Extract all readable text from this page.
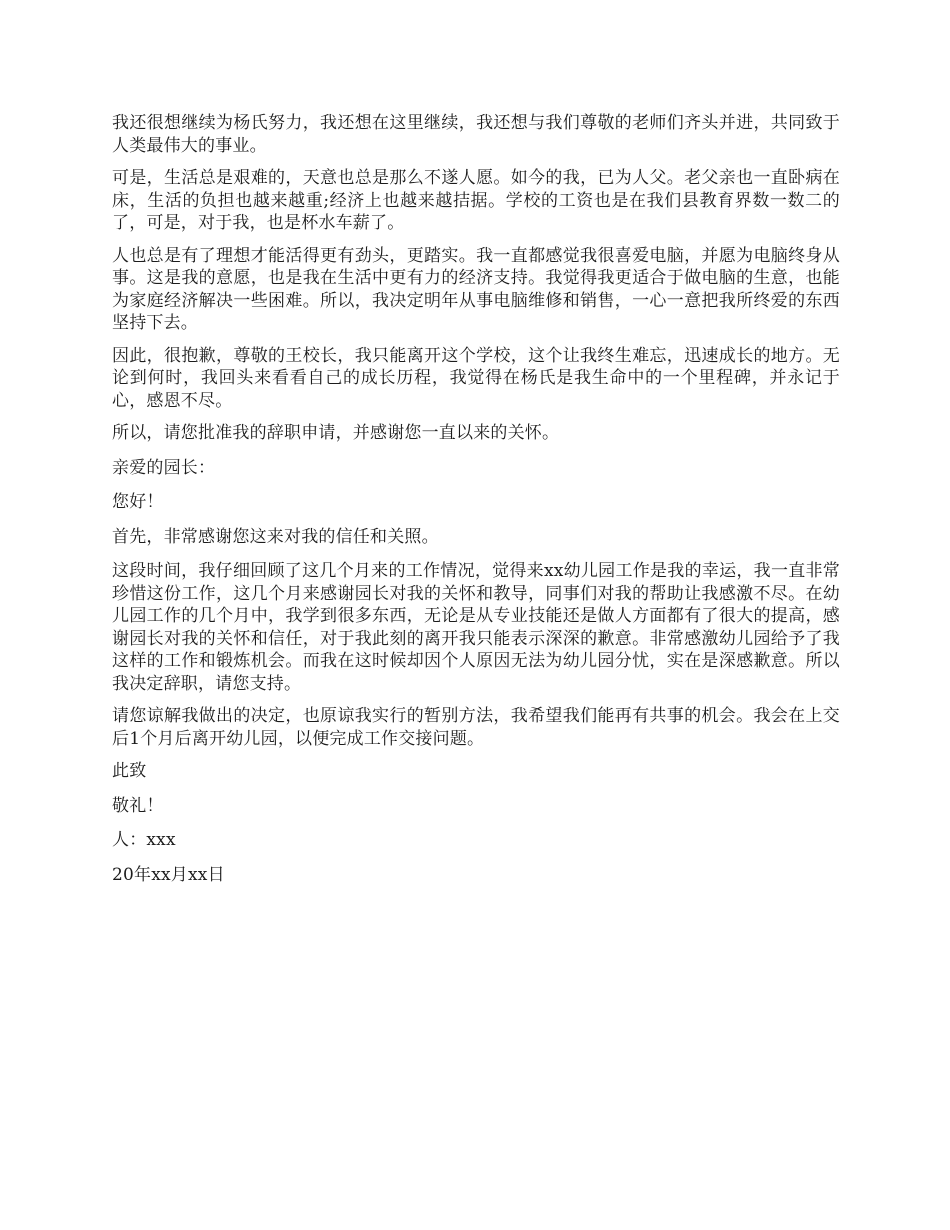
我还很想继续为杨氏努力，我还想在这里继续，我还想与我们尊敬的老师们齐头并进，共同致于人类最伟大的事业。

可是，生活总是艰难的，天意也总是那么不遂人愿。如今的我，已为人父。老父亲也一直卧病在床，生活的负担也越来越重;经济上也越来越拮据。学校的工资也是在我们县教育界数一数二的了，可是，对于我，也是杯水车薪了。

人也总是有了理想才能活得更有劲头，更踏实。我一直都感觉我很喜爱电脑，并愿为电脑终身从事。这是我的意愿，也是我在生活中更有力的经济支持。我觉得我更适合于做电脑的生意，也能为家庭经济解决一些困难。所以，我决定明年从事电脑维修和销售，一心一意把我所终爱的东西坚持下去。

因此，很抱歉，尊敬的王校长，我只能离开这个学校，这个让我终生难忘，迅速成长的地方。无论到何时，我回头来看看自己的成长历程，我觉得在杨氏是我生命中的一个里程碑，并永记于心，感恩不尽。

所以，请您批准我的辞职申请，并感谢您一直以来的关怀。

亲爱的园长：

您好！

首先，非常感谢您这来对我的信任和关照。

这段时间，我仔细回顾了这几个月来的工作情况，觉得来xx幼儿园工作是我的幸运，我一直非常珍惜这份工作，这几个月来感谢园长对我的关怀和教导，同事们对我的帮助让我感激不尽。在幼儿园工作的几个月中，我学到很多东西，无论是从专业技能还是做人方面都有了很大的提高，感谢园长对我的关怀和信任，对于我此刻的离开我只能表示深深的歉意。非常感激幼儿园给予了我这样的工作和锻炼机会。而我在这时候却因个人原因无法为幼儿园分忧，实在是深感歉意。所以我决定辞职，请您支持。

请您谅解我做出的决定，也原谅我实行的暂别方法，我希望我们能再有共事的机会。我会在上交后1个月后离开幼儿园，以便完成工作交接问题。

此致

敬礼！

人：xxx

20年xx月xx日
